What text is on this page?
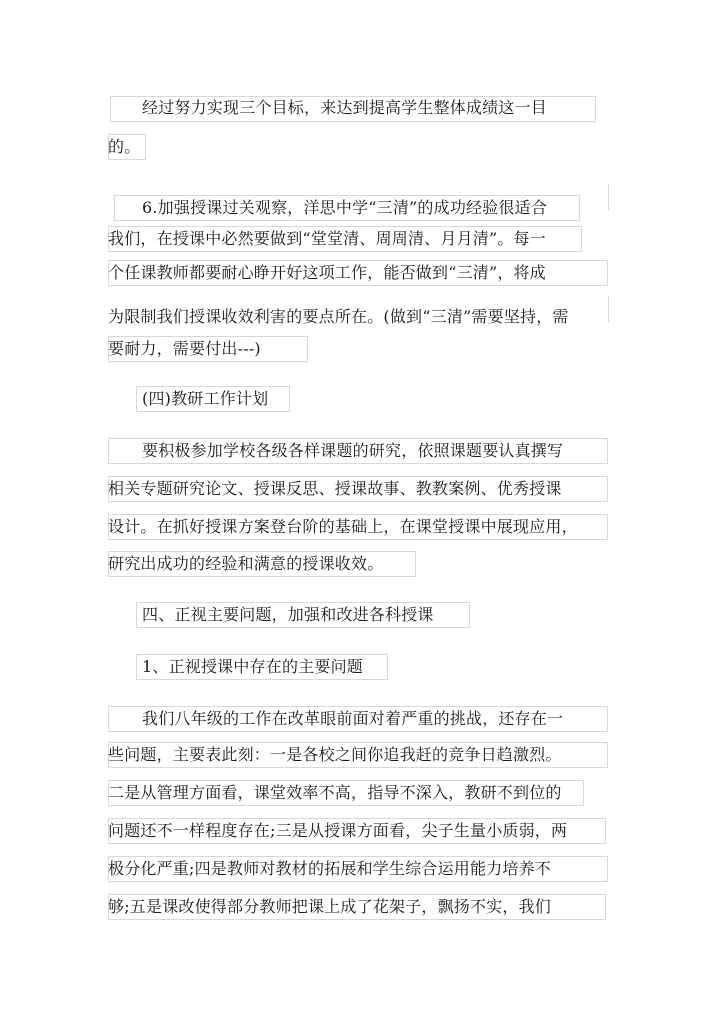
经过努力实现三个目标，来达到提高学生整体成绩这一目
的。
6.加强授课过关观察，洋思中学“三清”的成功经验很适合
我们，在授课中必然要做到“堂堂清、周周清、月月清”。每一
个任课教师都要耐心睁开好这项工作，能否做到“三清”，将成
为限制我们授课收效利害的要点所在。(做到“三清”需要坚持，需
要耐力，需要付出---)
(四)教研工作计划
要积极参加学校各级各样课题的研究，依照课题要认真撰写
相关专题研究论文、授课反思、授课故事、教教案例、优秀授课
设计。在抓好授课方案登台阶的基础上，在课堂授课中展现应用，
研究出成功的经验和满意的授课收效。
四、正视主要问题，加强和改进各科授课
1、正视授课中存在的主要问题
我们八年级的工作在改革眼前面对着严重的挑战，还存在一
些问题，主要表此刻：一是各校之间你追我赶的竞争日趋激烈。
二是从管理方面看，课堂效率不高，指导不深入，教研不到位的
问题还不一样程度存在;三是从授课方面看，尖子生量小质弱，两
极分化严重;四是教师对教材的拓展和学生综合运用能力培养不
够;五是课改使得部分教师把课上成了花架子，飘扬不实，我们
